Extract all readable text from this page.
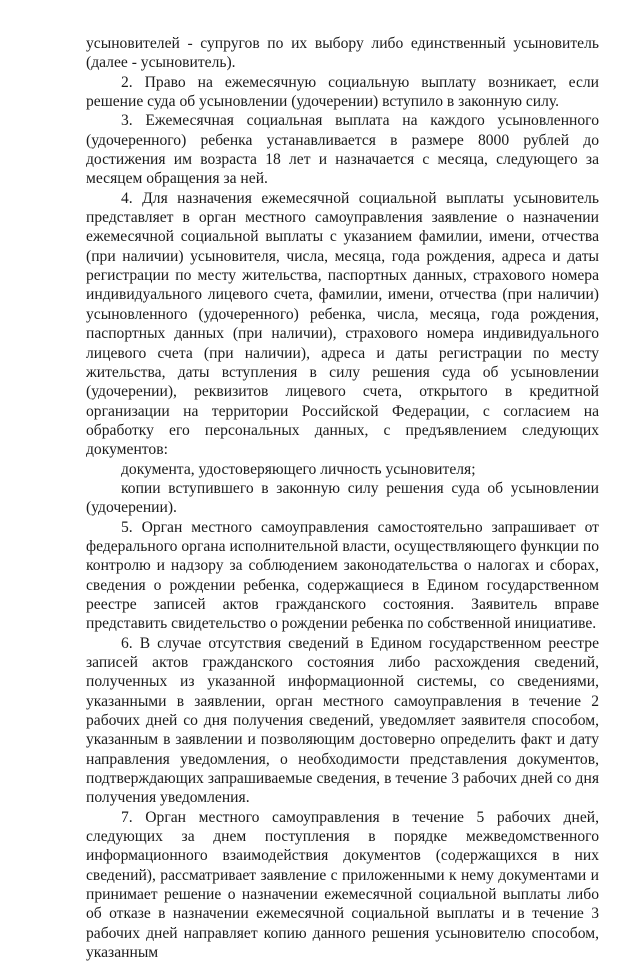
усыновителей - супругов по их выбору либо единственный усыновитель (далее - усыновитель).

2. Право на ежемесячную социальную выплату возникает, если решение суда об усыновлении (удочерении) вступило в законную силу.

3. Ежемесячная социальная выплата на каждого усыновленного (удочеренного) ребенка устанавливается в размере 8000 рублей до достижения им возраста 18 лет и назначается с месяца, следующего за месяцем обращения за ней.

4. Для назначения ежемесячной социальной выплаты усыновитель представляет в орган местного самоуправления заявление о назначении ежемесячной социальной выплаты с указанием фамилии, имени, отчества (при наличии) усыновителя, числа, месяца, года рождения, адреса и даты регистрации по месту жительства, паспортных данных, страхового номера индивидуального лицевого счета, фамилии, имени, отчества (при наличии) усыновленного (удочеренного) ребенка, числа, месяца, года рождения, паспортных данных (при наличии), страхового номера индивидуального лицевого счета (при наличии), адреса и даты регистрации по месту жительства, даты вступления в силу решения суда об усыновлении (удочерении), реквизитов лицевого счета, открытого в кредитной организации на территории Российской Федерации, с согласием на обработку его персональных данных, с предъявлением следующих документов:

документа, удостоверяющего личность усыновителя;

копии вступившего в законную силу решения суда об усыновлении (удочерении).

5. Орган местного самоуправления самостоятельно запрашивает от федерального органа исполнительной власти, осуществляющего функции по контролю и надзору за соблюдением законодательства о налогах и сборах, сведения о рождении ребенка, содержащиеся в Едином государственном реестре записей актов гражданского состояния. Заявитель вправе представить свидетельство о рождении ребенка по собственной инициативе.

6. В случае отсутствия сведений в Едином государственном реестре записей актов гражданского состояния либо расхождения сведений, полученных из указанной информационной системы, со сведениями, указанными в заявлении, орган местного самоуправления в течение 2 рабочих дней со дня получения сведений, уведомляет заявителя способом, указанным в заявлении и позволяющим достоверно определить факт и дату направления уведомления, о необходимости представления документов, подтверждающих запрашиваемые сведения, в течение 3 рабочих дней со дня получения уведомления.

7. Орган местного самоуправления в течение 5 рабочих дней, следующих за днем поступления в порядке межведомственного информационного взаимодействия документов (содержащихся в них сведений), рассматривает заявление с приложенными к нему документами и принимает решение о назначении ежемесячной социальной выплаты либо об отказе в назначении ежемесячной социальной выплаты и в течение 3 рабочих дней направляет копию данного решения усыновителю способом, указанным
